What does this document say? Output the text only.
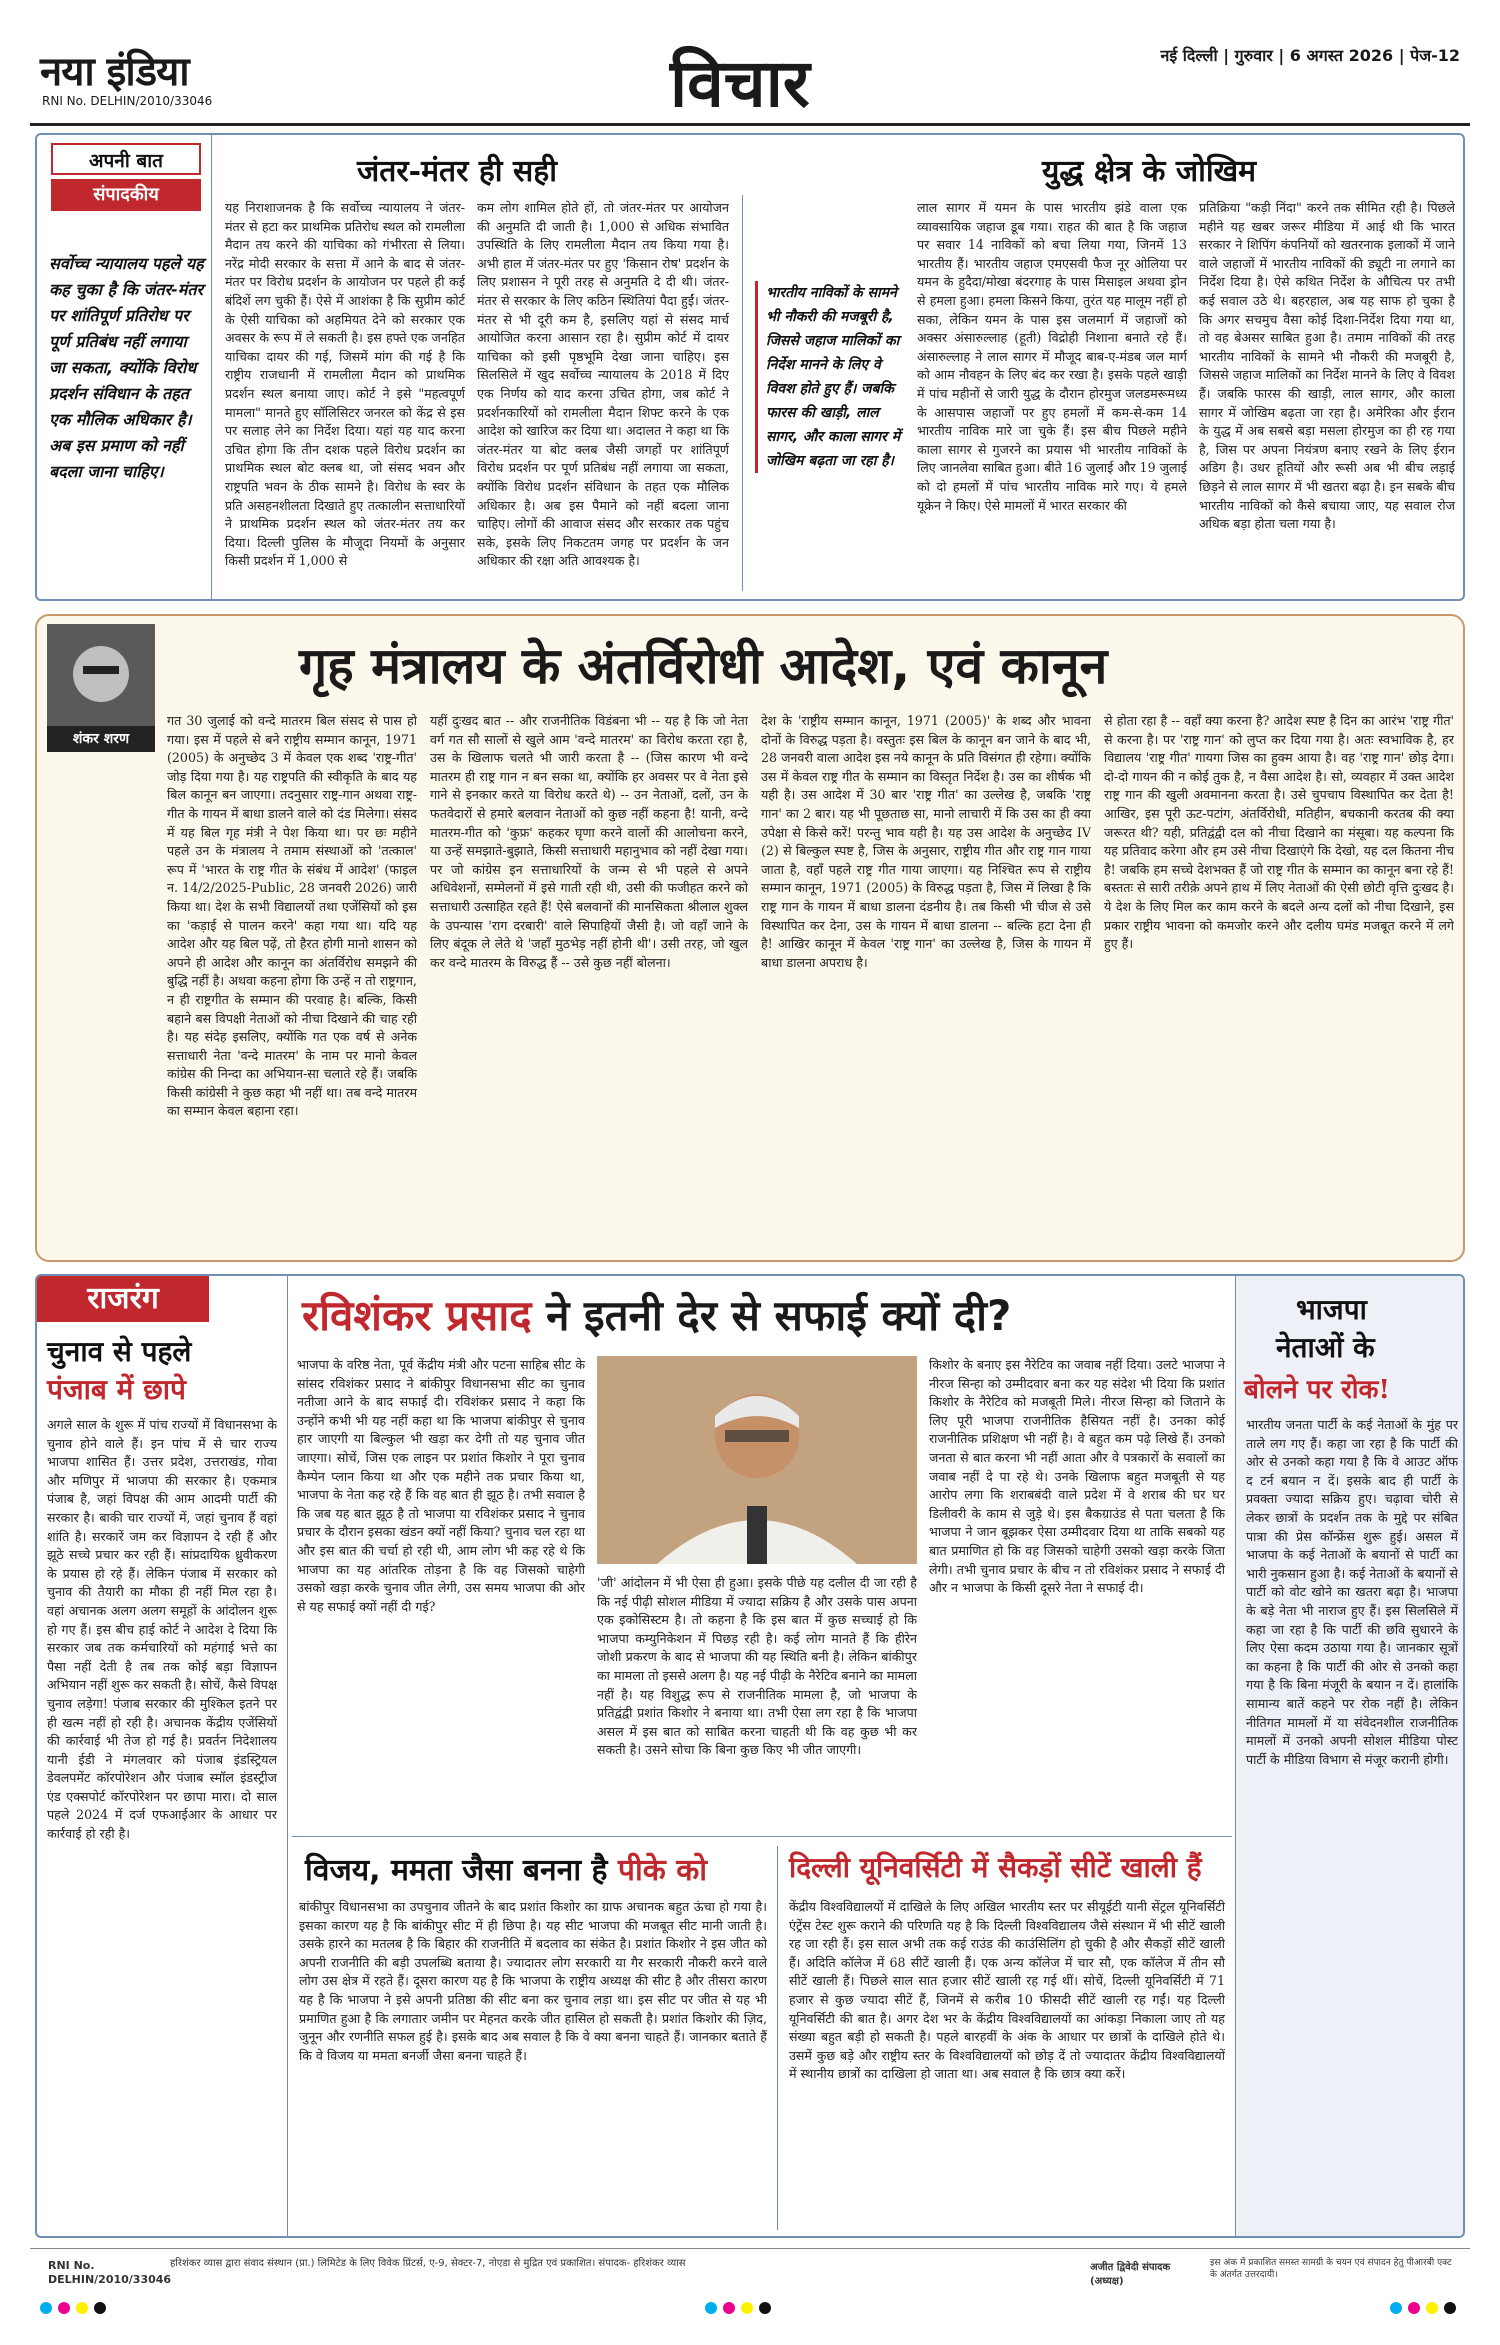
नया इंडिया
RNI No. DELHIN/2010/33046	विचार	नई दिल्ली | गुरुवार | 6 अगस्त 2026 | पेज-12
अपनी बात
संपादकीय
सर्वोच्च न्यायालय पहले यह कह चुका है कि जंतर-मंतर पर शांतिपूर्ण प्रतिरोध पर पूर्ण प्रतिबंध नहीं लगाया जा सकता, क्योंकि विरोध प्रदर्शन संविधान के तहत एक मौलिक अधिकार है। अब इस प्रमाण को नहीं बदला जाना चाहिए।
जंतर-मंतर ही सही
यह निराशाजनक है कि सर्वोच्च न्यायालय ने जंतर-मंतर से हटा कर प्राथमिक प्रतिरोध स्थल को रामलीला मैदान तय करने की याचिका को गंभीरता से लिया। नरेंद्र मोदी सरकार के सत्ता में आने के बाद से जंतर-मंतर पर विरोध प्रदर्शन के आयोजन पर पहले ही कई बंदिशें लग चुकी हैं। ऐसे में आशंका है कि सुप्रीम कोर्ट के ऐसी याचिका को अहमियत देने को सरकार एक अवसर के रूप में ले सकती है। इस हफ्ते एक जनहित याचिका दायर की गई, जिसमें मांग की गई है कि राष्ट्रीय राजधानी में रामलीला मैदान को प्राथमिक प्रदर्शन स्थल बनाया जाए। कोर्ट ने इसे "महत्वपूर्ण मामला" मानते हुए सॉलिसिटर जनरल को केंद्र से इस पर सलाह लेने का निर्देश दिया। यहां यह याद करना उचित होगा कि तीन दशक पहले विरोध प्रदर्शन का प्राथमिक स्थल बोट क्लब था, जो संसद भवन और राष्ट्रपति भवन के ठीक सामने है। विरोध के स्वर के प्रति असहनशीलता दिखाते हुए तत्कालीन सत्ताधारियों ने प्राथमिक प्रदर्शन स्थल को जंतर-मंतर तय कर दिया। दिल्ली पुलिस के मौजूदा नियमों के अनुसार किसी प्रदर्शन में 1,000 से
कम लोग शामिल होते हों, तो जंतर-मंतर पर आयोजन की अनुमति दी जाती है। 1,000 से अधिक संभावित उपस्थिति के लिए रामलीला मैदान तय किया गया है। अभी हाल में जंतर-मंतर पर हुए 'किसान रोष' प्रदर्शन के लिए प्रशासन ने पूरी तरह से अनुमति दे दी थी। जंतर-मंतर से सरकार के लिए कठिन स्थितियां पैदा हुईं। जंतर-मंतर से भी दूरी कम है, इसलिए यहां से संसद मार्च आयोजित करना आसान रहा है। सुप्रीम कोर्ट में दायर याचिका को इसी पृष्ठभूमि देखा जाना चाहिए। इस सिलसिले में खुद सर्वोच्च न्यायालय के 2018 में दिए एक निर्णय को याद करना उचित होगा, जब कोर्ट ने प्रदर्शनकारियों को रामलीला मैदान शिफ्ट करने के एक आदेश को खारिज कर दिया था। अदालत ने कहा था कि जंतर-मंतर या बोट क्लब जैसी जगहों पर शांतिपूर्ण विरोध प्रदर्शन पर पूर्ण प्रतिबंध नहीं लगाया जा सकता, क्योंकि विरोध प्रदर्शन संविधान के तहत एक मौलिक अधिकार है। अब इस पैमाने को नहीं बदला जाना चाहिए। लोगों की आवाज संसद और सरकार तक पहुंच सके, इसके लिए निकटतम जगह पर प्रदर्शन के जन अधिकार की रक्षा अति आवश्यक है।
भारतीय नाविकों के सामने भी नौकरी की मजबूरी है, जिससे जहाज मालिकों का निर्देश मानने के लिए वे विवश होते हुए हैं। जबकि फारस की खाड़ी, लाल सागर, और काला सागर में जोखिम बढ़ता जा रहा है।
युद्ध क्षेत्र के जोखिम
लाल सागर में यमन के पास भारतीय झंडे वाला एक व्यावसायिक जहाज डूब गया। राहत की बात है कि जहाज पर सवार 14 नाविकों को बचा लिया गया, जिनमें 13 भारतीय हैं। भारतीय जहाज एमएसवी फैज नूर ओलिया पर यमन के हुदैदा/मोखा बंदरगाह के पास मिसाइल अथवा ड्रोन से हमला हुआ। हमला किसने किया, तुरंत यह मालूम नहीं हो सका, लेकिन यमन के पास इस जलमार्ग में जहाजों को अक्सर अंसारुल्लाह (हूती) विद्रोही निशाना बनाते रहे हैं। अंसारुल्लाह ने लाल सागर में मौजूद बाब-ए-मंडब जल मार्ग को आम नौवहन के लिए बंद कर रखा है। इसके पहले खाड़ी में पांच महीनों से जारी युद्ध के दौरान होरमुज जलडमरूमध्य के आसपास जहाजों पर हुए हमलों में कम-से-कम 14 भारतीय नाविक मारे जा चुके हैं। इस बीच पिछले महीने काला सागर से गुजरने का प्रयास भी भारतीय नाविकों के लिए जानलेवा साबित हुआ। बीते 16 जुलाई और 19 जुलाई को दो हमलों में पांच भारतीय नाविक मारे गए। ये हमले यूक्रेन ने किए। ऐसे मामलों में भारत सरकार की
प्रतिक्रिया "कड़ी निंदा" करने तक सीमित रही है। पिछले महीने यह खबर जरूर मीडिया में आई थी कि भारत सरकार ने शिपिंग कंपनियों को खतरनाक इलाकों में जाने वाले जहाजों में भारतीय नाविकों की ड्यूटी ना लगाने का निर्देश दिया है। ऐसे कथित निर्देश के औचित्य पर तभी कई सवाल उठे थे। बहरहाल, अब यह साफ हो चुका है कि अगर सचमुच वैसा कोई दिशा-निर्देश दिया गया था, तो वह बेअसर साबित हुआ है। तमाम नाविकों की तरह भारतीय नाविकों के सामने भी नौकरी की मजबूरी है, जिससे जहाज मालिकों का निर्देश मानने के लिए वे विवश हैं। जबकि फारस की खाड़ी, लाल सागर, और काला सागर में जोखिम बढ़ता जा रहा है। अमेरिका और ईरान के युद्ध में अब सबसे बड़ा मसला होरमुज का ही रह गया है, जिस पर अपना नियंत्रण बनाए रखने के लिए ईरान अडिग है। उधर हूतियों और रूसी अब भी बीच लड़ाई छिड़ने से लाल सागर में भी खतरा बढ़ा है। इन सबके बीच भारतीय नाविकों को कैसे बचाया जाए, यह सवाल रोज अधिक बड़ा होता चला गया है।
शंकर शरण
गृह मंत्रालय के अंतर्विरोधी आदेश, एवं कानून
गत 30 जुलाई को वन्दे मातरम बिल संसद से पास हो गया। इस में पहले से बने राष्ट्रीय सम्मान कानून, 1971 (2005) के अनुच्छेद 3 में केवल एक शब्द 'राष्ट्र-गीत' जोड़ दिया गया है। यह राष्ट्रपति की स्वीकृति के बाद यह बिल कानून बन जाएगा। तदनुसार राष्ट्र-गान अथवा राष्ट्र-गीत के गायन में बाधा डालने वाले को दंड मिलेगा। संसद में यह बिल गृह मंत्री ने पेश किया था। पर छः महीने पहले उन के मंत्रालय ने तमाम संस्थाओं को 'तत्काल' रूप में 'भारत के राष्ट्र गीत के संबंध में आदेश' (फाइल न. 14/2/2025-Public, 28 जनवरी 2026) जारी किया था। देश के सभी विद्यालयों तथा एजेंसियों को इस का 'कड़ाई से पालन करने' कहा गया था। यदि यह आदेश और यह बिल पढ़ें, तो हैरत होगी मानो शासन को अपने ही आदेश और कानून का अंतर्विरोध समझने की बुद्धि नहीं है। अथवा कहना होगा कि उन्हें न तो राष्ट्रगान, न ही राष्ट्रगीत के सम्मान की परवाह है। बल्कि, किसी बहाने बस विपक्षी नेताओं को नीचा दिखाने की चाह रही है। यह संदेह इसलिए, क्योंकि गत एक वर्ष से अनेक सत्ताधारी नेता 'वन्दे मातरम' के नाम पर मानो केवल कांग्रेस की निन्दा का अभियान-सा चलाते रहे हैं। जबकि किसी कांग्रेसी ने कुछ कहा भी नहीं था। तब वन्दे मातरम का सम्मान केवल बहाना रहा।
यहीं दुःखद बात -- और राजनीतिक विडंबना भी -- यह है कि जो नेता वर्ग गत सौ सालों से खुले आम 'वन्दे मातरम' का विरोध करता रहा है, उस के खिलाफ चलते भी जारी करता है -- (जिस कारण भी वन्दे मातरम ही राष्ट्र गान न बन सका था, क्योंकि हर अवसर पर वे नेता इसे गाने से इनकार करते या विरोध करते थे) -- उन नेताओं, दलों, उन के फतवेदारों से हमारे बलवान नेताओं को कुछ नहीं कहना है! यानी, वन्दे मातरम-गीत को 'कुफ्र' कहकर घृणा करने वालों की आलोचना करने, या उन्हें समझाते-बुझाते, किसी सत्ताधारी महानुभाव को नहीं देखा गया। पर जो कांग्रेस इन सत्ताधारियों के जन्म से भी पहले से अपने अधिवेशनों, सम्मेलनों में इसे गाती रही थी, उसी की फजीहत करने को सत्ताधारी उत्साहित रहते हैं! ऐसे बलवानों की मानसिकता श्रीलाल शुक्ल के उपन्यास 'राग दरबारी' वाले सिपाहियों जैसी है। जो वहाँ जाने के लिए बंदूक ले लेते थे 'जहाँ मुठभेड़ नहीं होनी थी'। उसी तरह, जो खुल कर वन्दे मातरम के विरुद्ध हैं -- उसे कुछ नहीं बोलना।
देश के 'राष्ट्रीय सम्मान कानून, 1971 (2005)' के शब्द और भावना दोनों के विरुद्ध पड़ता है। वस्तुतः इस बिल के कानून बन जाने के बाद भी, 28 जनवरी वाला आदेश इस नये कानून के प्रति विसंगत ही रहेगा। क्योंकि उस में केवल राष्ट्र गीत के सम्मान का विस्तृत निर्देश है। उस का शीर्षक भी यही है। उस आदेश में 30 बार 'राष्ट्र गीत' का उल्लेख है, जबकि 'राष्ट्र गान' का 2 बार। यह भी पूछताछ सा, मानो लाचारी में कि उस का ही क्या उपेक्षा से किसे करें! परन्तु भाव यही है। यह उस आदेश के अनुच्छेद IV (2) से बिल्कुल स्पष्ट है, जिस के अनुसार, राष्ट्रीय गीत और राष्ट्र गान गाया जाता है, वहाँ पहले राष्ट्र गीत गाया जाएगा। यह निश्चित रूप से राष्ट्रीय सम्मान कानून, 1971 (2005) के विरुद्ध पड़ता है, जिस में लिखा है कि राष्ट्र गान के गायन में बाधा डालना दंडनीय है। तब किसी भी चीज से उसे विस्थापित कर देना, उस के गायन में बाधा डालना -- बल्कि हटा देना ही है! आखिर कानून में केवल 'राष्ट्र गान' का उल्लेख है, जिस के गायन में बाधा डालना अपराध है।
से होता रहा है -- वहाँ क्या करना है? आदेश स्पष्ट है दिन का आरंभ 'राष्ट्र गीत' से करना है। पर 'राष्ट्र गान' को लुप्त कर दिया गया है। अतः स्वभाविक है, हर विद्यालय 'राष्ट्र गीत' गायगा जिस का हुक्म आया है। वह 'राष्ट्र गान' छोड़ देगा। दो-दो गायन की न कोई तुक है, न वैसा आदेश है। सो, व्यवहार में उक्त आदेश राष्ट्र गान की खुली अवमानना करता है। उसे चुपचाप विस्थापित कर देता है! आखिर, इस पूरी ऊट-पटांग, अंतर्विरोधी, मतिहीन, बचकानी करतब की क्या जरूरत थी? यही, प्रतिद्वंद्वी दल को नीचा दिखाने का मंसूबा। यह कल्पना कि यह प्रतिवाद करेगा और हम उसे नीचा दिखाएंगे कि देखो, यह दल कितना नीच है! जबकि हम सच्चे देशभक्त हैं जो राष्ट्र गीत के सम्मान का कानून बना रहे हैं! बस्ततः से सारी तरीक़े अपने हाथ में लिए नेताओं की ऐसी छोटी वृत्ति दुःखद है। ये देश के लिए मिल कर काम करने के बदले अन्य दलों को नीचा दिखाने, इस प्रकार राष्ट्रीय भावना को कमजोर करने और दलीय घमंड मजबूत करने में लगे हुए हैं।
राजरंग
चुनाव से पहले
पंजाब में छापे
अगले साल के शुरू में पांच राज्यों में विधानसभा के चुनाव होने वाले हैं। इन पांच में से चार राज्य भाजपा शासित हैं। उत्तर प्रदेश, उत्तराखंड, गोवा और मणिपुर में भाजपा की सरकार है। एकमात्र पंजाब है, जहां विपक्ष की आम आदमी पार्टी की सरकार है। बाकी चार राज्यों में, जहां चुनाव हैं वहां शांति है। सरकारें जम कर विज्ञापन दे रही हैं और झूठे सच्चे प्रचार कर रही हैं। सांप्रदायिक ध्रुवीकरण के प्रयास हो रहे हैं। लेकिन पंजाब में सरकार को चुनाव की तैयारी का मौका ही नहीं मिल रहा है। वहां अचानक अलग अलग समूहों के आंदोलन शुरू हो गए हैं। इस बीच हाई कोर्ट ने आदेश दे दिया कि सरकार जब तक कर्मचारियों को महंगाई भत्ते का पैसा नहीं देती है तब तक कोई बड़ा विज्ञापन अभियान नहीं शुरू कर सकती है। सोचें, कैसे विपक्ष चुनाव लड़ेगा! पंजाब सरकार की मुश्किल इतने पर ही खत्म नहीं हो रही है। अचानक केंद्रीय एजेंसियों की कार्रवाई भी तेज हो गई है। प्रवर्तन निदेशालय यानी ईडी ने मंगलवार को पंजाब इंडस्ट्रियल डेवलपमेंट कॉरपोरेशन और पंजाब स्मॉल इंडस्ट्रीज एंड एक्सपोर्ट कॉरपोरेशन पर छापा मारा। दो साल पहले 2024 में दर्ज एफआईआर के आधार पर कार्रवाई हो रही है।
रविशंकर प्रसाद ने इतनी देर से सफाई क्यों दी?
भाजपा के वरिष्ठ नेता, पूर्व केंद्रीय मंत्री और पटना साहिब सीट के सांसद रविशंकर प्रसाद ने बांकीपुर विधानसभा सीट का चुनाव नतीजा आने के बाद सफाई दी। रविशंकर प्रसाद ने कहा कि उन्होंने कभी भी यह नहीं कहा था कि भाजपा बांकीपुर से चुनाव हार जाएगी या बिल्कुल भी खड़ा कर देगी तो यह चुनाव जीत जाएगा। सोचें, जिस एक लाइन पर प्रशांत किशोर ने पूरा चुनाव कैम्पेन प्लान किया था और एक महीने तक प्रचार किया था, भाजपा के नेता कह रहे हैं कि वह बात ही झूठ है। तभी सवाल है कि जब यह बात झूठ है तो भाजपा या रविशंकर प्रसाद ने चुनाव प्रचार के दौरान इसका खंडन क्यों नहीं किया? चुनाव चल रहा था और इस बात की चर्चा हो रही थी, आम लोग भी कह रहे थे कि भाजपा का यह आंतरिक तोड़ना है कि वह जिसको चाहेगी उसको खड़ा करके चुनाव जीत लेगी, उस समय भाजपा की ओर से यह सफाई क्यों नहीं दी गई?
'जी' आंदोलन में भी ऐसा ही हुआ। इसके पीछे यह दलील दी जा रही है कि नई पीढ़ी सोशल मीडिया में ज्यादा सक्रिय है और उसके पास अपना एक इकोसिस्टम है। तो कहना है कि इस बात में कुछ सच्चाई हो कि भाजपा कम्युनिकेशन में पिछड़ रही है। कई लोग मानते हैं कि हीरेन जोशी प्रकरण के बाद से भाजपा की यह स्थिति बनी है। लेकिन बांकीपुर का मामला तो इससे अलग है। यह नई पीढ़ी के नैरेटिव बनाने का मामला नहीं है। यह विशुद्ध रूप से राजनीतिक मामला है, जो भाजपा के प्रतिद्वंद्वी प्रशांत किशोर ने बनाया था। तभी ऐसा लग रहा है कि भाजपा असल में इस बात को साबित करना चाहती थी कि वह कुछ भी कर सकती है। उसने सोचा कि बिना कुछ किए भी जीत जाएगी।
किशोर के बनाए इस नैरेटिव का जवाब नहीं दिया। उलटे भाजपा ने नीरज सिन्हा को उम्मीदवार बना कर यह संदेश भी दिया कि प्रशांत किशोर के नैरेटिव को मजबूती मिले। नीरज सिन्हा को जिताने के लिए पूरी भाजपा राजनीतिक हैसियत नहीं है। उनका कोई राजनीतिक प्रशिक्षण भी नहीं है। वे बहुत कम पढ़े लिखे हैं। उनको जनता से बात करना भी नहीं आता और वे पत्रकारों के सवालों का जवाब नहीं दे पा रहे थे। उनके खिलाफ बहुत मजबूती से यह आरोप लगा कि शराबबंदी वाले प्रदेश में वे शराब की घर घर डिलीवरी के काम से जुड़े थे। इस बैकग्राउंड से पता चलता है कि भाजपा ने जान बूझकर ऐसा उम्मीदवार दिया था ताकि सबको यह बात प्रमाणित हो कि वह जिसको चाहेगी उसको खड़ा करके जिता लेगी। तभी चुनाव प्रचार के बीच न तो रविशंकर प्रसाद ने सफाई दी और न भाजपा के किसी दूसरे नेता ने सफाई दी।
विजय, ममता जैसा बनना है पीके को
बांकीपुर विधानसभा का उपचुनाव जीतने के बाद प्रशांत किशोर का ग्राफ अचानक बहुत ऊंचा हो गया है। इसका कारण यह है कि बांकीपुर सीट में ही छिपा है। यह सीट भाजपा की मजबूत सीट मानी जाती है। उसके हारने का मतलब है कि बिहार की राजनीति में बदलाव का संकेत है। प्रशांत किशोर ने इस जीत को अपनी राजनीति की बड़ी उपलब्धि बताया है। ज्यादातर लोग सरकारी या गैर सरकारी नौकरी करने वाले लोग उस क्षेत्र में रहते हैं। दूसरा कारण यह है कि भाजपा के राष्ट्रीय अध्यक्ष की सीट है और तीसरा कारण यह है कि भाजपा ने इसे अपनी प्रतिष्ठा की सीट बना कर चुनाव लड़ा था। इस सीट पर जीत से यह भी प्रमाणित हुआ है कि लगातार जमीन पर मेहनत करके जीत हासिल हो सकती है। प्रशांत किशोर की ज़िद, जुनून और रणनीति सफल हुई है। इसके बाद अब सवाल है कि वे क्या बनना चाहते हैं। जानकार बताते हैं कि वे विजय या ममता बनर्जी जैसा बनना चाहते हैं।
दिल्ली यूनिवर्सिटी में सैकड़ों सीटें खाली हैं
केंद्रीय विश्वविद्यालयों में दाखिले के लिए अखिल भारतीय स्तर पर सीयूईटी यानी सेंट्रल यूनिवर्सिटी एंट्रेंस टेस्ट शुरू कराने की परिणति यह है कि दिल्ली विश्वविद्यालय जैसे संस्थान में भी सीटें खाली रह जा रही हैं। इस साल अभी तक कई राउंड की काउंसिलिंग हो चुकी है और सैकड़ों सीटें खाली हैं। अदिति कॉलेज में 68 सीटें खाली हैं। एक अन्य कॉलेज में चार सौ, एक कॉलेज में तीन सौ सीटें खाली हैं। पिछले साल सात हजार सीटें खाली रह गई थीं। सोचें, दिल्ली यूनिवर्सिटी में 71 हजार से कुछ ज्यादा सीटें हैं, जिनमें से करीब 10 फीसदी सीटें खाली रह गईं। यह दिल्ली यूनिवर्सिटी की बात है। अगर देश भर के केंद्रीय विश्वविद्यालयों का आंकड़ा निकाला जाए तो यह संख्या बहुत बड़ी हो सकती है। पहले बारहवीं के अंक के आधार पर छात्रों के दाखिले होते थे। उसमें कुछ बड़े और राष्ट्रीय स्तर के विश्वविद्यालयों को छोड़ दें तो ज्यादातर केंद्रीय विश्वविद्यालयों में स्थानीय छात्रों का दाखिला हो जाता था। अब सवाल है कि छात्र क्या करें।
भाजपा
नेताओं के
बोलने पर रोक!
भारतीय जनता पार्टी के कई नेताओं के मुंह पर ताले लग गए हैं। कहा जा रहा है कि पार्टी की ओर से उनको कहा गया है कि वे आउट ऑफ द टर्न बयान न दें। इसके बाद ही पार्टी के प्रवक्ता ज्यादा सक्रिय हुए। चढ़ावा चोरी से लेकर छात्रों के प्रदर्शन तक के मुद्दे पर संबित पात्रा की प्रेस कॉन्फ्रेंस शुरू हुई। असल में भाजपा के कई नेताओं के बयानों से पार्टी का भारी नुकसान हुआ है। कई नेताओं के बयानों से पार्टी को वोट खोने का खतरा बढ़ा है। भाजपा के बड़े नेता भी नाराज हुए हैं। इस सिलसिले में कहा जा रहा है कि पार्टी की छवि सुधारने के लिए ऐसा कदम उठाया गया है। जानकार सूत्रों का कहना है कि पार्टी की ओर से उनको कहा गया है कि बिना मंजूरी के बयान न दें। हालांकि सामान्य बातें कहने पर रोक नहीं है। लेकिन नीतिगत मामलों में या संवेदनशील राजनीतिक मामलों में उनको अपनी सोशल मीडिया पोस्ट पार्टी के मीडिया विभाग से मंजूर करानी होगी।
RNI No. DELHIN/2010/33046
हरिशंकर व्यास द्वारा संवाद संस्थान (प्रा.) लिमिटेड के लिए विवेक प्रिंटर्स, ए-9, सेक्टर-7, नोएडा से मुद्रित एवं प्रकाशित। संपादक- हरिशंकर व्यास	अजीत द्विवेदी संपादक (अध्यक्ष)
इस अंक में प्रकाशित समस्त सामग्री के चयन एवं संपादन हेतु पीआरबी एक्ट के अंतर्गत उत्तरदायी।
